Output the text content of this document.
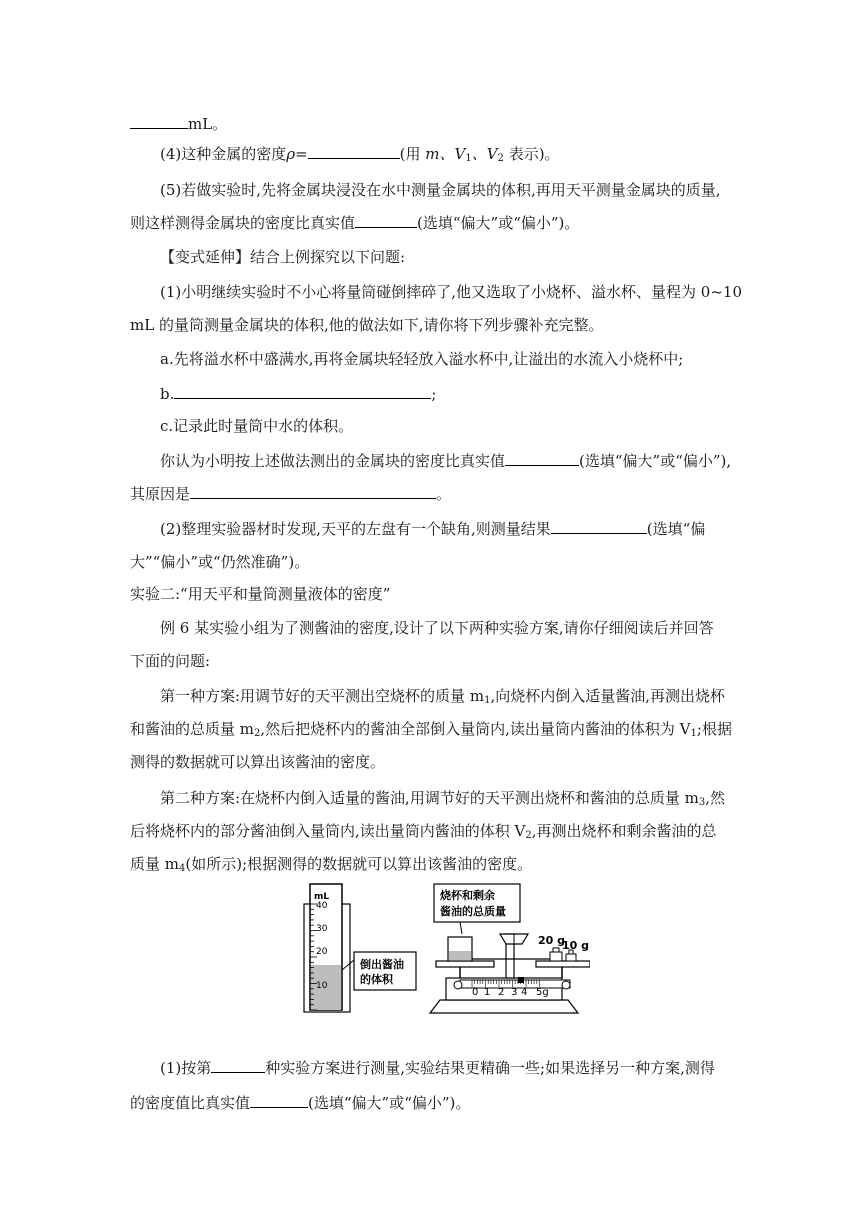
mL。
(4)这种金属的密度ρ=	(用 m、$V_1$、$V_2$ 表示)。
(5)若做实验时,先将金属块浸没在水中测量金属块的体积,再用天平测量金属块的质量,
则这样测得金属块的密度比真实值	(选填“偏大”或“偏小”)。
【变式延伸】结合上例探究以下问题:
(1)小明继续实验时不小心将量筒碰倒摔碎了,他又选取了小烧杯、溢水杯、量程为 0~10
mL 的量筒测量金属块的体积,他的做法如下,请你将下列步骤补充完整。
a.先将溢水杯中盛满水,再将金属块轻轻放入溢水杯中,让溢出的水流入小烧杯中;
b.	;
c.记录此时量筒中水的体积。
你认为小明按上述做法测出的金属块的密度比真实值	(选填“偏大”或“偏小”),
其原因是	。
(2)整理实验器材时发现,天平的左盘有一个缺角,则测量结果	(选填“偏
大”“偏小”或“仍然准确”)。
实验二:“用天平和量筒测量液体的密度”
例 6 某实验小组为了测酱油的密度,设计了以下两种实验方案,请你仔细阅读后并回答
下面的问题:
第一种方案:用调节好的天平测出空烧杯的质量 $m_1$,向烧杯内倒入适量酱油,再测出烧杯
和酱油的总质量 $m_2$,然后把烧杯内的酱油全部倒入量筒内,读出量筒内酱油的体积为 $V_1$;根据
测得的数据就可以算出该酱油的密度。
第二种方案:在烧杯内倒入适量的酱油,用调节好的天平测出烧杯和酱油的总质量 $m_3$,然
后将烧杯内的部分酱油倒入量筒内,读出量筒内酱油的体积 $V_2$,再测出烧杯和剩余酱油的总
质量 $m_4$(如所示);根据测得的数据就可以算出该酱油的密度。
mL
40
30
20
10
倒出酱油
的体积
烧杯和剩余
酱油的总质量
0 1 2 3 4 5g
20 g
10 g
(1)按第	种实验方案进行测量,实验结果更精确一些;如果选择另一种方案,测得
的密度值比真实值	(选填“偏大”或“偏小”)。
